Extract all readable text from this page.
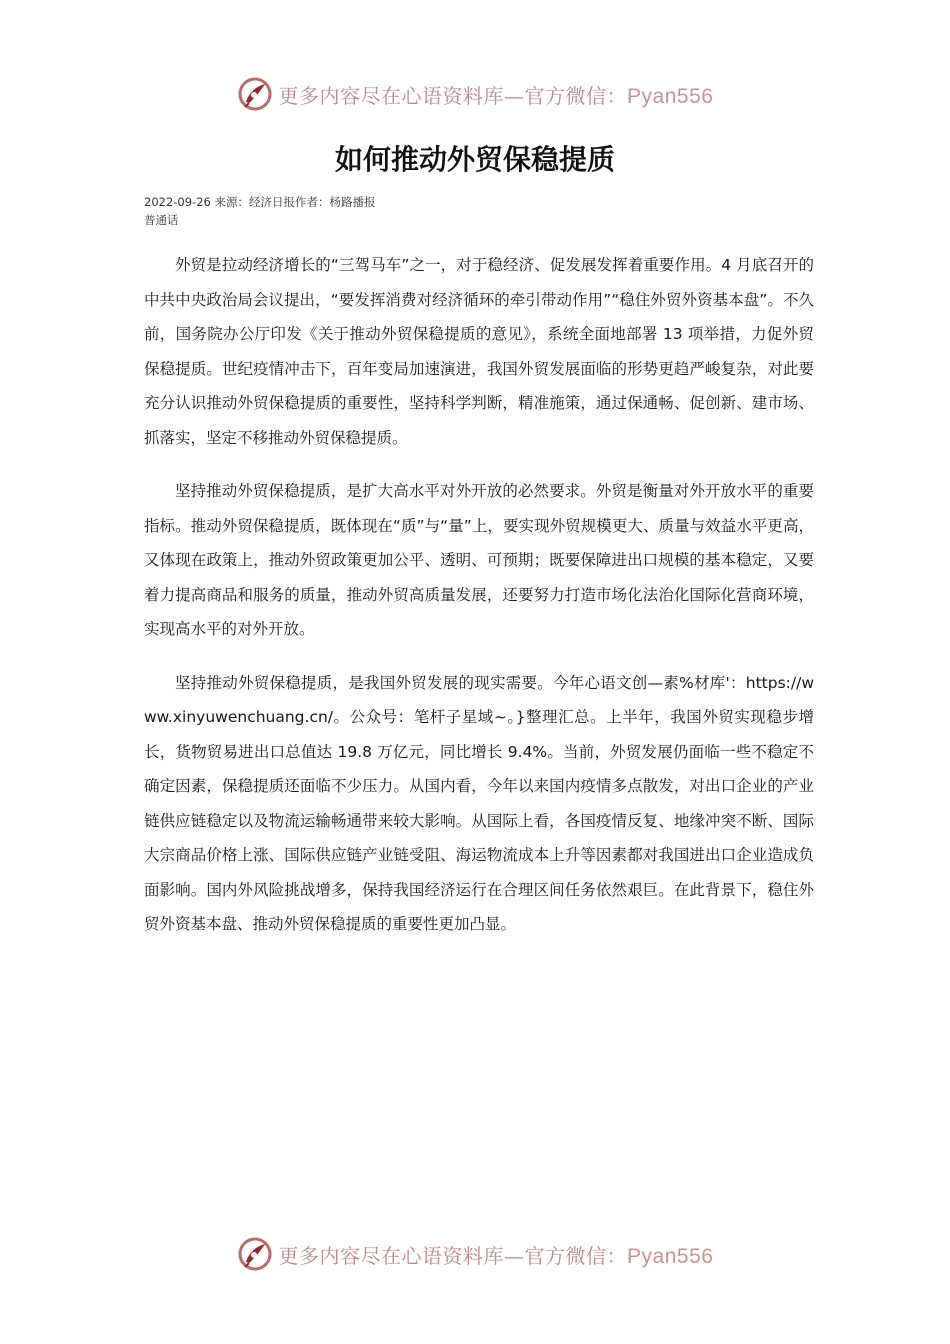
更多内容尽在心语资料库—官方微信：Pyan556
如何推动外贸保稳提质
2022-09-26 来源：经济日报作者：杨路播报普通话

外贸是拉动经济增长的“三驾马车”之一，对于稳经济、促发展发挥着重要作用。4 月底召开的中共中央政治局会议提出，“要发挥消费对经济循环的牵引带动作用”“稳住外贸外资基本盘”。不久前，国务院办公厅印发《关于推动外贸保稳提质的意见》，系统全面地部署 13 项举措，力促外贸保稳提质。世纪疫情冲击下，百年变局加速演进，我国外贸发展面临的形势更趋严峻复杂，对此要充分认识推动外贸保稳提质的重要性，坚持科学判断，精准施策，通过保通畅、促创新、建市场、抓落实，坚定不移推动外贸保稳提质。

坚持推动外贸保稳提质，是扩大高水平对外开放的必然要求。外贸是衡量对外开放水平的重要指标。推动外贸保稳提质，既体现在“质”与“量”上，要实现外贸规模更大、质量与效益水平更高，又体现在政策上，推动外贸政策更加公平、透明、可预期；既要保障进出口规模的基本稳定，又要着力提高商品和服务的质量，推动外贸高质量发展，还要努力打造市场化法治化国际化营商环境，实现高水平的对外开放。

坚持推动外贸保稳提质，是我国外贸发展的现实需要。今年心语文创—素%材库'：https://www.xinyuwenchuang.cn/。公众号：笔杆子星域~。}整理汇总。上半年，我国外贸实现稳步增长，货物贸易进出口总值达 19.8 万亿元，同比增长 9.4%。当前，外贸发展仍面临一些不稳定不确定因素，保稳提质还面临不少压力。从国内看，今年以来国内疫情多点散发，对出口企业的产业链供应链稳定以及物流运输畅通带来较大影响。从国际上看，各国疫情反复、地缘冲突不断、国际大宗商品价格上涨、国际供应链产业链受阻、海运物流成本上升等因素都对我国进出口企业造成负面影响。国内外风险挑战增多，保持我国经济运行在合理区间任务依然艰巨。在此背景下，稳住外贸外资基本盘、推动外贸保稳提质的重要性更加凸显。

更多内容尽在心语资料库—官方微信：Pyan556
